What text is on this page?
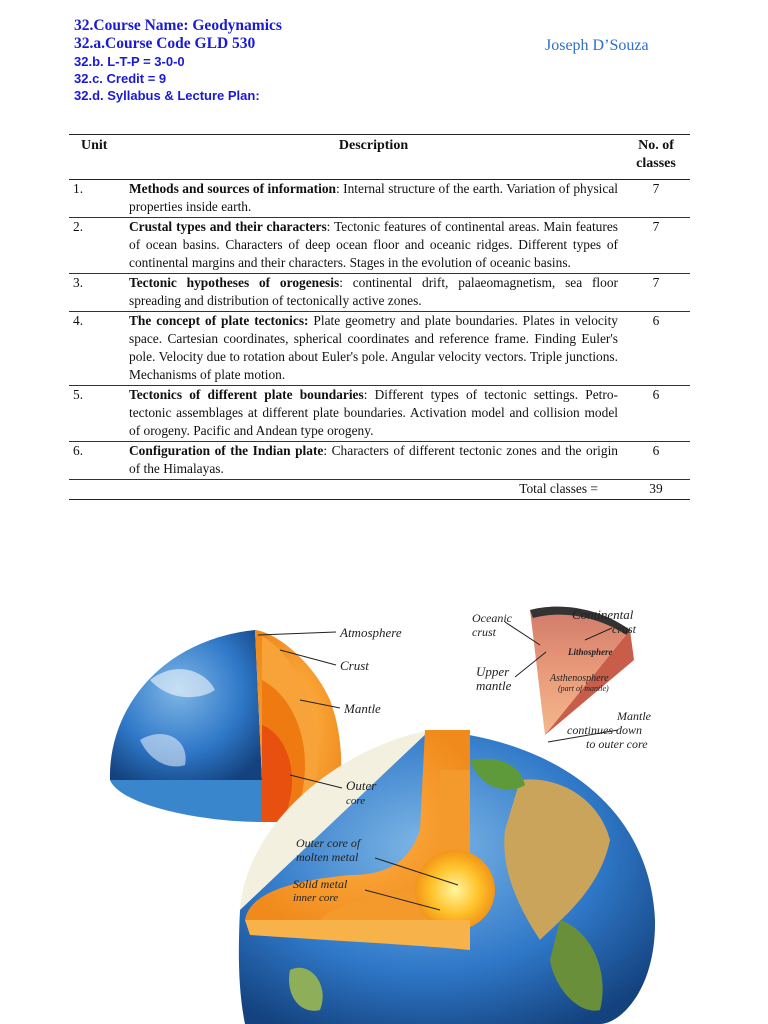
32.Course Name: Geodynamics
32.a.Course Code GLD 530
32.b. L-T-P = 3-0-0
32.c. Credit = 9
32.d. Syllabus & Lecture Plan:
Joseph D’Souza
Unit	Description	No. of
classes
1.	Methods and sources of information: Internal structure of the earth. Variation of physical properties inside earth.	7
2.	Crustal types and their characters: Tectonic features of continental areas. Main features of ocean basins. Characters of deep ocean floor and oceanic ridges. Different types of continental margins and their characters. Stages in the evolution of oceanic basins.	7
3.	Tectonic hypotheses of orogenesis: continental drift, palaeomagnetism, sea floor spreading and distribution of tectonically active zones.	7
4.	The concept of plate tectonics: Plate geometry and plate boundaries. Plates in velocity space. Cartesian coordinates, spherical coordinates and reference frame. Finding Euler's pole. Velocity due to rotation about Euler's pole. Angular velocity vectors. Triple junctions. Mechanisms of plate motion.	6
5.	Tectonics of different plate boundaries: Different types of tectonic settings. Petro-tectonic assemblages at different plate boundaries. Activation model and collision model of orogeny. Pacific and Andean type orogeny.	6
6.	Configuration of the Indian plate: Characters of different tectonic zones and the origin of the Himalayas.	6
	Total classes =	39
Atmosphere
Crust
Mantle
Outer
core
Outer core of
molten metal
Solid metal
inner core
Oceanic
crust
Continental
crust
Lithosphere
Upper
mantle	Asthenosphere
(part of mantle)
Mantle
continues down
to outer core
